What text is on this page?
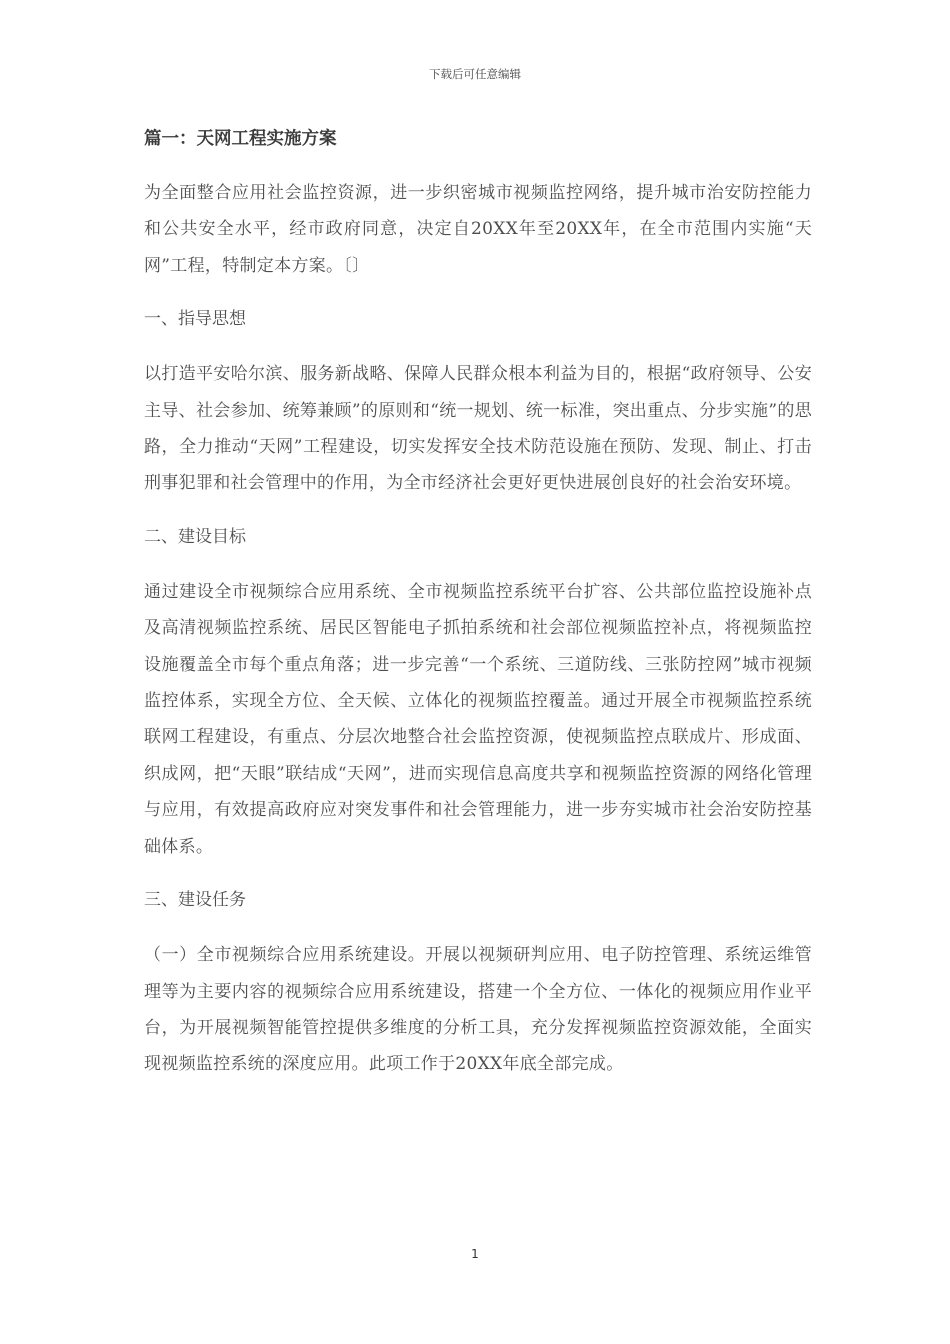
下载后可任意编辑
篇一：天网工程实施方案

为全面整合应用社会监控资源，进一步织密城市视频监控网络，提升城市治安防控能力和公共安全水平，经市政府同意，决定自20XX年至20XX年，在全市范围内实施“天网”工程，特制定本方案。〔〕

一、指导思想

以打造平安哈尔滨、服务新战略、保障人民群众根本利益为目的，根据“政府领导、公安主导、社会参加、统筹兼顾”的原则和“统一规划、统一标准，突出重点、分步实施”的思路，全力推动“天网”工程建设，切实发挥安全技术防范设施在预防、发现、制止、打击刑事犯罪和社会管理中的作用，为全市经济社会更好更快进展创良好的社会治安环境。

二、建设目标

通过建设全市视频综合应用系统、全市视频监控系统平台扩容、公共部位监控设施补点及高清视频监控系统、居民区智能电子抓拍系统和社会部位视频监控补点，将视频监控设施覆盖全市每个重点角落；进一步完善“一个系统、三道防线、三张防控网”城市视频监控体系，实现全方位、全天候、立体化的视频监控覆盖。通过开展全市视频监控系统联网工程建设，有重点、分层次地整合社会监控资源，使视频监控点联成片、形成面、织成网，把“天眼”联结成“天网”，进而实现信息高度共享和视频监控资源的网络化管理与应用，有效提高政府应对突发事件和社会管理能力，进一步夯实城市社会治安防控基础体系。

三、建设任务

（一）全市视频综合应用系统建设。开展以视频研判应用、电子防控管理、系统运维管理等为主要内容的视频综合应用系统建设，搭建一个全方位、一体化的视频应用作业平台，为开展视频智能管控提供多维度的分析工具，充分发挥视频监控资源效能，全面实现视频监控系统的深度应用。此项工作于20XX年底全部完成。

1
